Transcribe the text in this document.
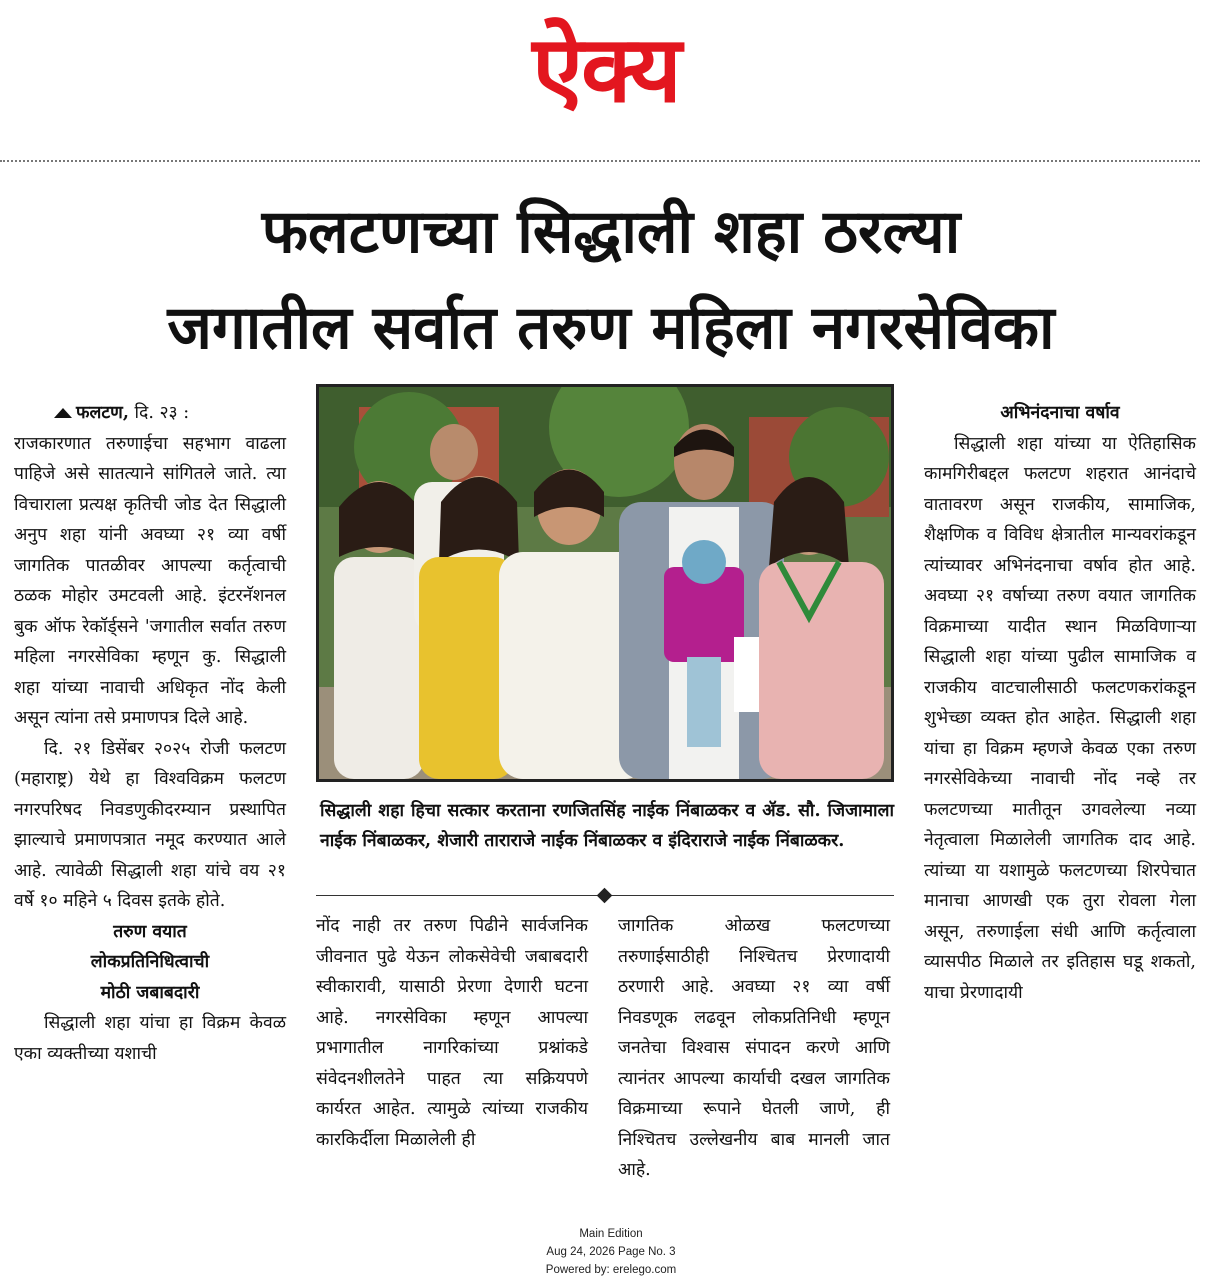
ऐक्य
फलटणच्या सिद्धाली शहा ठरल्या
जगातील सर्वात तरुण महिला नगरसेविका
फलटण, दि. २३ :

राजकारणात तरुणाईचा सहभाग वाढला पाहिजे असे सातत्याने सांगितले जाते. त्या विचाराला प्रत्यक्ष कृतिची जोड देत सिद्धाली अनुप शहा यांनी अवघ्या २१ व्या वर्षी जागतिक पातळीवर आपल्या कर्तृत्वाची ठळक मोहोर उमटवली आहे. इंटरनॅशनल बुक ऑफ रेकॉर्ड्सने 'जगातील सर्वात तरुण महिला नगरसेविका म्हणून कु. सिद्धाली शहा यांच्या नावाची अधिकृत नोंद केली असून त्यांना तसे प्रमाणपत्र दिले आहे.

दि. २१ डिसेंबर २०२५ रोजी फलटण (महाराष्ट्र) येथे हा विश्वविक्रम फलटण नगरपरिषद निवडणुकीदरम्यान प्रस्थापित झाल्याचे प्रमाणपत्रात नमूद करण्यात आले आहे. त्यावेळी सिद्धाली शहा यांचे वय २१ वर्षे १० महिने ५ दिवस इतके होते.

तरुण वयात
लोकप्रतिनिधित्वाची
मोठी जबाबदारी

सिद्धाली शहा यांचा हा विक्रम केवळ एका व्यक्तीच्या यशाची

सिद्धाली शहा हिचा सत्कार करताना रणजितसिंह नाईक निंबाळकर व ॲड. सौ. जिजामाला नाईक निंबाळकर, शेजारी ताराराजे नाईक निंबाळकर व इंदिराराजे नाईक निंबाळकर.

नोंद नाही तर तरुण पिढीने सार्वजनिक जीवनात पुढे येऊन लोकसेवेची जबाबदारी स्वीकारावी, यासाठी प्रेरणा देणारी घटना आहे. नगरसेविका म्हणून आपल्या प्रभागातील नागरिकांच्या प्रश्नांकडे संवेदनशीलतेने पाहत त्या सक्रियपणे कार्यरत आहेत. त्यामुळे त्यांच्या राजकीय कारकिर्दीला मिळालेली ही

जागतिक ओळख फलटणच्या तरुणाईसाठीही निश्चितच प्रेरणादायी ठरणारी आहे. अवघ्या २१ व्या वर्षी निवडणूक लढवून लोकप्रतिनिधी म्हणून जनतेचा विश्वास संपादन करणे आणि त्यानंतर आपल्या कार्याची दखल जागतिक विक्रमाच्या रूपाने घेतली जाणे, ही निश्चितच उल्लेखनीय बाब मानली जात आहे.

अभिनंदनाचा वर्षाव

सिद्धाली शहा यांच्या या ऐतिहासिक कामगिरीबद्दल फलटण शहरात आनंदाचे वातावरण असून राजकीय, सामाजिक, शैक्षणिक व विविध क्षेत्रातील मान्यवरांकडून त्यांच्यावर अभिनंदनाचा वर्षाव होत आहे. अवघ्या २१ वर्षाच्या तरुण वयात जागतिक विक्रमाच्या यादीत स्थान मिळविणाऱ्या सिद्धाली शहा यांच्या पुढील सामाजिक व राजकीय वाटचालीसाठी फलटणकरांकडून शुभेच्छा व्यक्त होत आहेत. सिद्धाली शहा यांचा हा विक्रम म्हणजे केवळ एका तरुण नगरसेविकेच्या नावाची नोंद नव्हे तर फलटणच्या मातीतून उगवलेल्या नव्या नेतृत्वाला मिळालेली जागतिक दाद आहे. त्यांच्या या यशामुळे फलटणच्या शिरपेचात मानाचा आणखी एक तुरा रोवला गेला असून, तरुणाईला संधी आणि कर्तृत्वाला व्यासपीठ मिळाले तर इतिहास घडू शकतो, याचा प्रेरणादायी

Main Edition
Aug 24, 2026 Page No. 3
Powered by: erelego.com
